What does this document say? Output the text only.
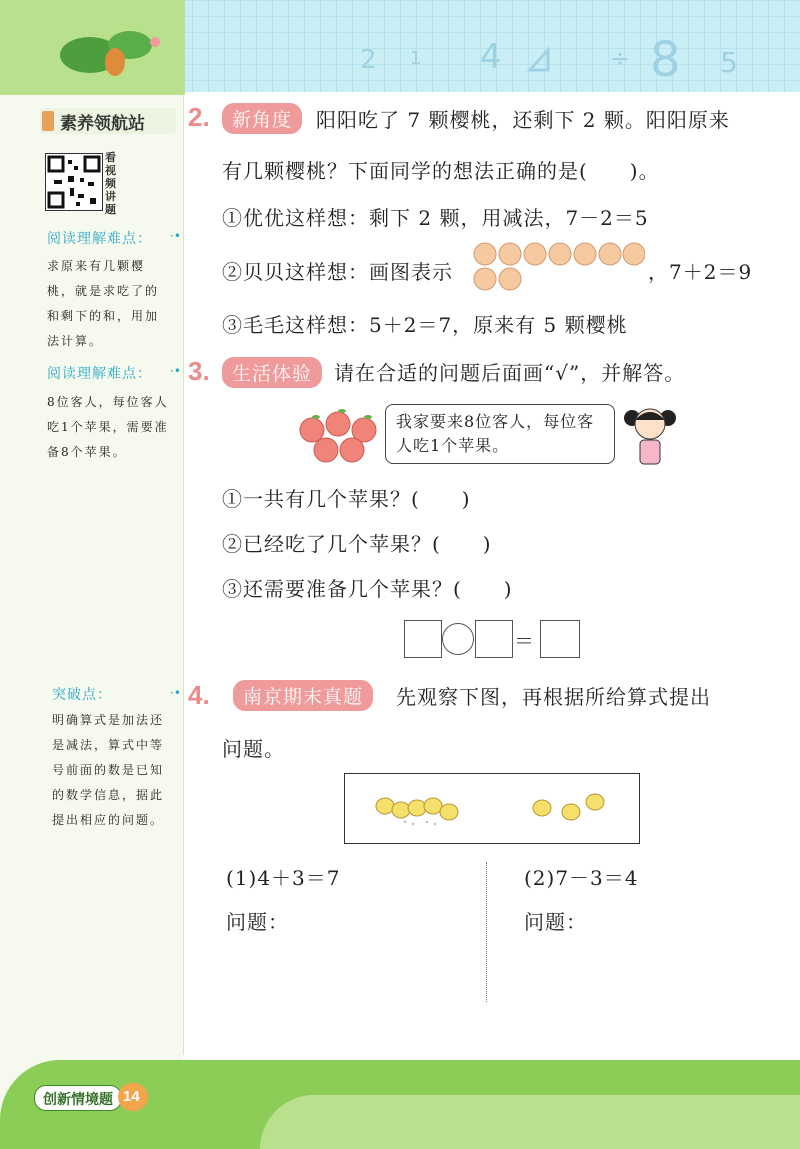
2 1 4	÷ 8 5
素养领航站
看视频讲题
阅读理解难点： ·•
求原来有几颗樱桃，就是求吃了的和剩下的和，用加法计算。
阅读理解难点： ·•
8位客人，每位客人吃1个苹果，需要准备8个苹果。
突破点：	·•
明确算式是加法还是减法，算式中等号前面的数是已知的数学信息，据此提出相应的问题。
2.	新角度	阳阳吃了 7 颗樱桃，还剩下 2 颗。阳阳原来
有几颗樱桃？下面同学的想法正确的是(　　)。
①优优这样想：剩下 2 颗，用减法，7－2＝5
②贝贝这样想：画图表示	，7＋2＝9
③毛毛这样想：5＋2＝7，原来有 5 颗樱桃
3.	生活体验	请在合适的问题后面画“√”，并解答。
我家要来8位客人，每位客人吃1个苹果。
①一共有几个苹果？(　　)
②已经吃了几个苹果？(　　)
③还需要准备几个苹果？(　　)
＝
4.	南京期末真题	先观察下图，再根据所给算式提出
问题。
(1)4＋3＝7
问题：
(2)7－3＝4
问题：
创新情境题 14
